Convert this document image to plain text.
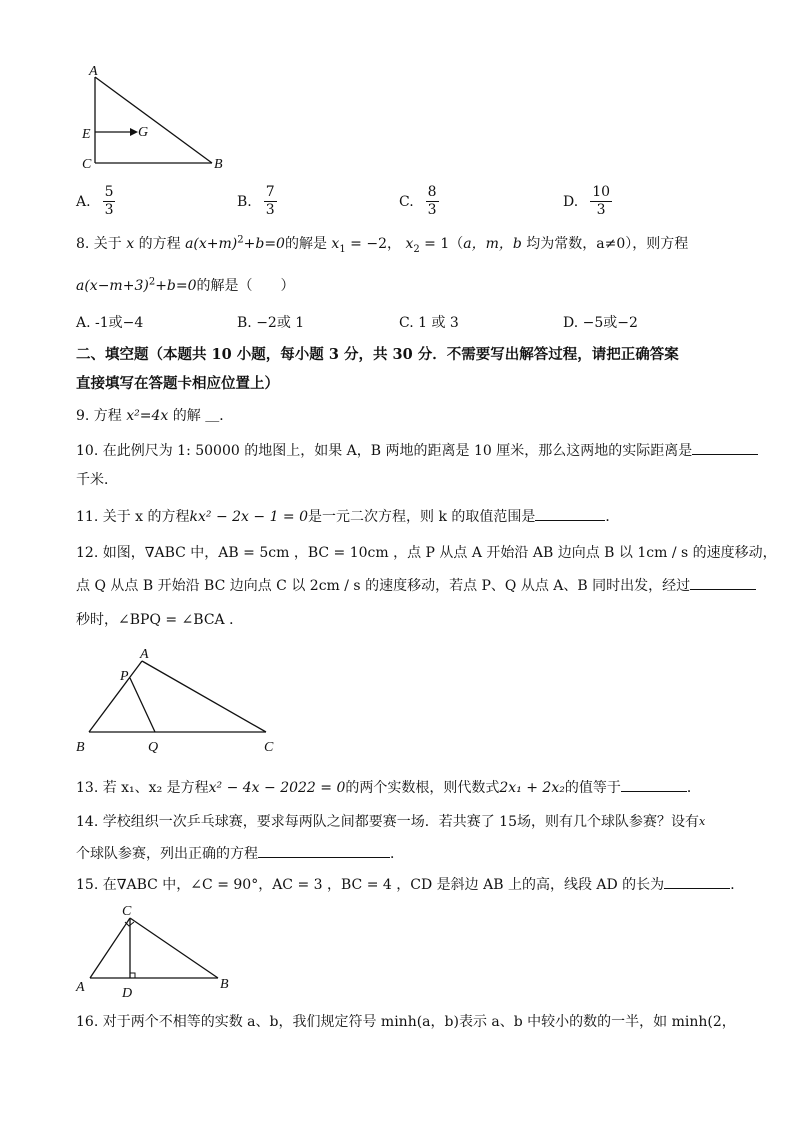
A
E	G
C	B
A. $\frac{5}{3}$	B. $\frac{7}{3}$	C. $\frac{8}{3}$	D. $\frac{10}{3}$
8. 关于 x 的方程 $a(x+m)^2+b=0$的解是 $x_1 = -2$， $x_2 = 1(a$，m，b 均为常数，a≠0），则方程
$a(x-m+3)^2+b=0$的解是（　　）
A. -1或−4	B. −2或 1	C. 1 或 3	D. −5或−2
二、填空题（本题共 10 小题，每小题 3 分，共 30 分．不需要写出解答过程，请把正确答案
直接填写在答题卡相应位置上）
9. 方程 x²=4x 的解 ＿．
10. 在此例尺为 1: 50000 的地图上，如果 A，B 两地的距离是 10 厘米，那么这两地的实际距离是
千米．
11. 关于 x 的方程kx² − 2x − 1 = 0是一元二次方程，则 k 的取值范围是	．
12. 如图，∇ABC 中，AB = 5cm ，BC = 10cm ，点 P 从点 A 开始沿 AB 边向点 B 以 1cm / s 的速度移动，
点 Q 从点 B 开始沿 BC 边向点 C 以 2cm / s 的速度移动，若点 P、Q 从点 A、B 同时出发，经过
秒时，∠BPQ = ∠BCA ．
A
P
B	Q	C
13. 若 x₁、x₂ 是方程x² − 4x − 2022 = 0的两个实数根，则代数式2x₁ + 2x₂的值等于	．
14. 学校组织一次乒乓球赛，要求每两队之间都要赛一场．若共赛了 15场，则有几个球队参赛？设有$^x$
个球队参赛，列出正确的方程	．
15. 在∇ABC 中，∠C = 90°，AC = 3 ，BC = 4 ，CD 是斜边 AB 上的高，线段 AD 的长为	．
C
A	D
B
16. 对于两个不相等的实数 a、b，我们规定符号 minh(a，b)表示 a、b 中较小的数的一半，如 minh(2，
